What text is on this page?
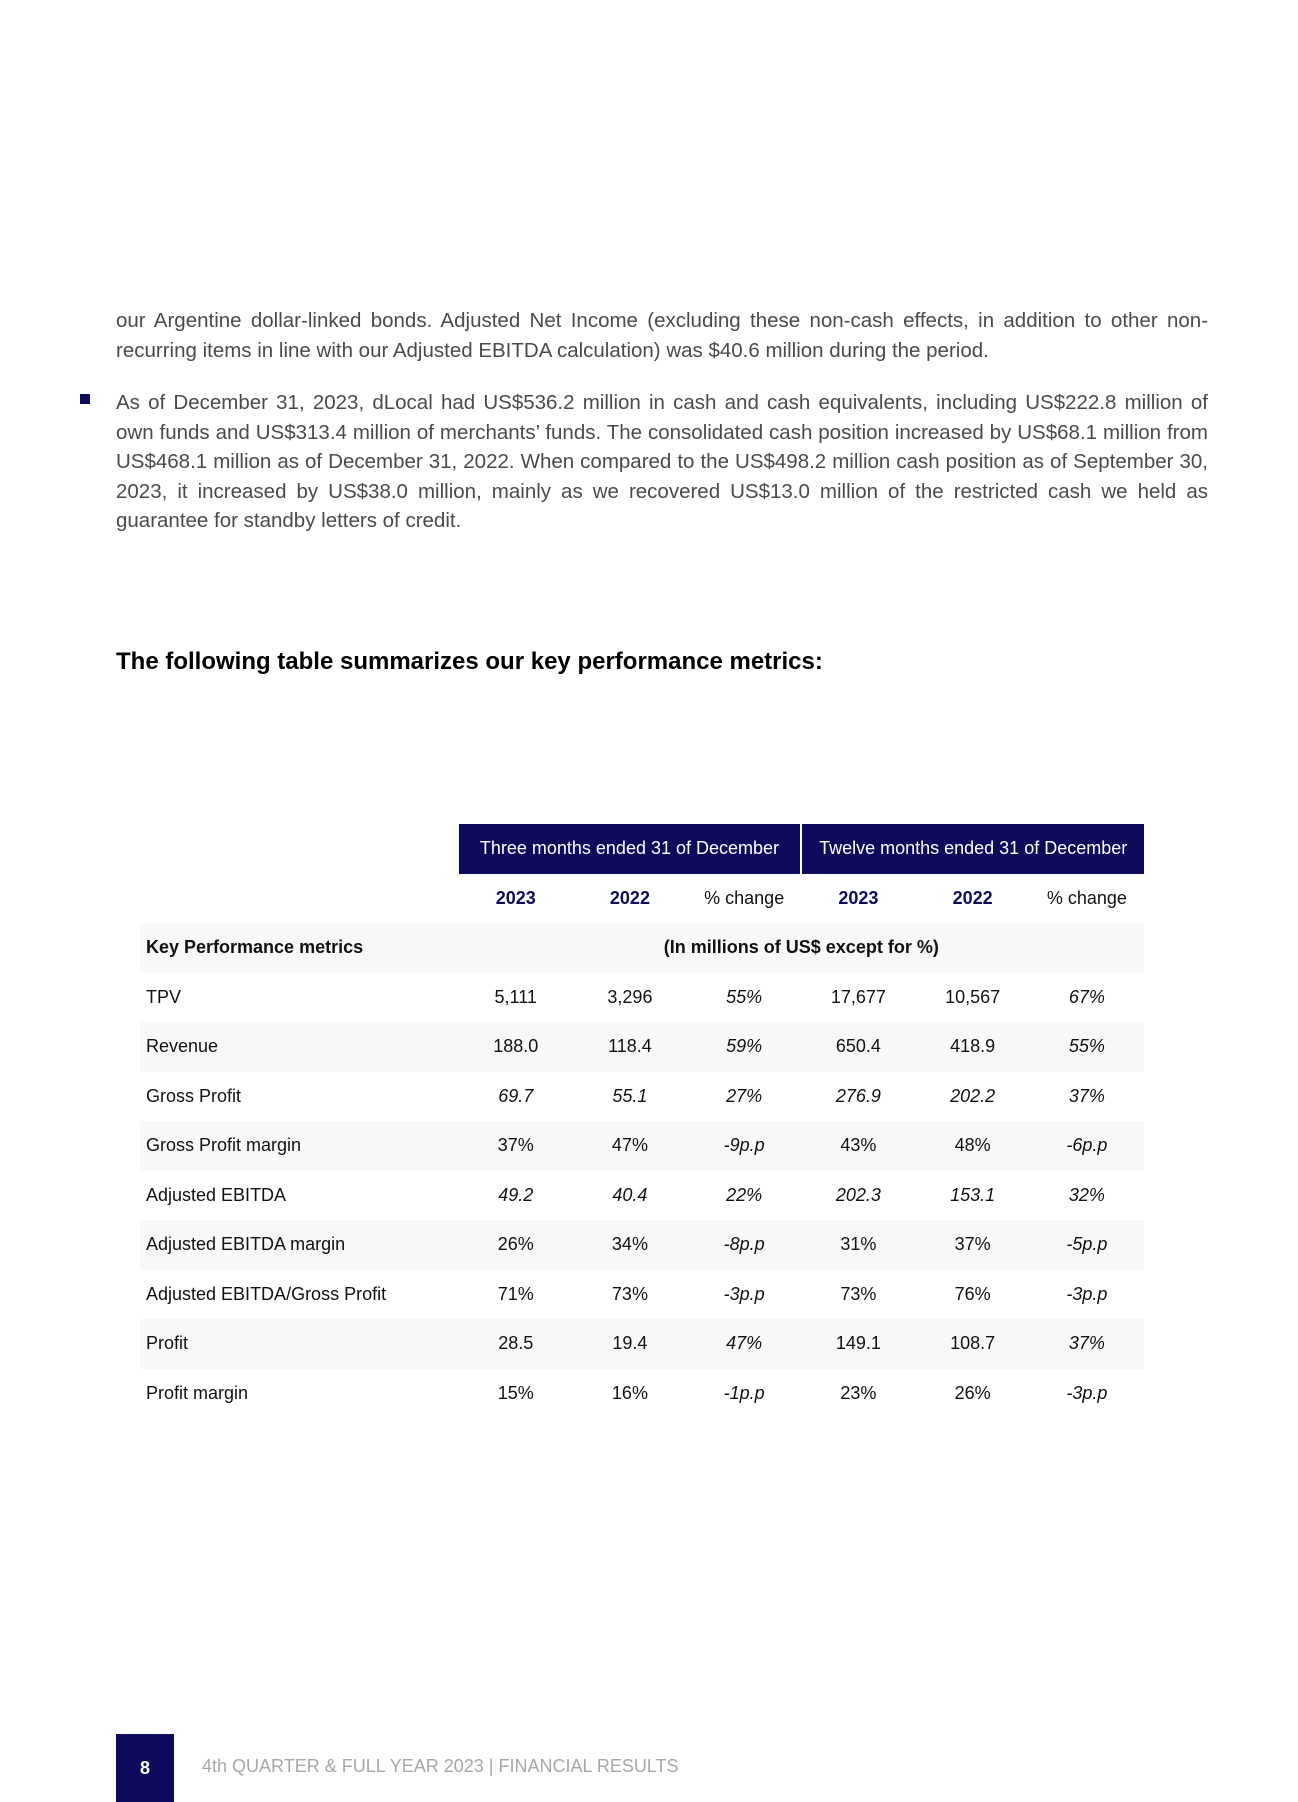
our Argentine dollar-linked bonds. Adjusted Net Income (excluding these non-cash effects, in addition to other non-recurring items in line with our Adjusted EBITDA calculation) was $40.6 million during the period.
As of December 31, 2023, dLocal had US$536.2 million in cash and cash equivalents, including US$222.8 million of own funds and US$313.4 million of merchants’ funds. The consolidated cash position increased by US$68.1 million from US$468.1 million as of December 31, 2022. When compared to the US$498.2 million cash position as of September 30, 2023, it increased by US$38.0 million, mainly as we recovered US$13.0 million of the restricted cash we held as guarantee for standby letters of credit.
The following table summarizes our key performance metrics:
	Three months ended 31 of December			Twelve months ended 31 of December		
	2023	2022	% change	2023	2022	% change
Key Performance metrics	(In millions of US$ except for %)					
TPV	5,111	3,296	55%	17,677	10,567	67%
Revenue	188.0	118.4	59%	650.4	418.9	55%
Gross Profit	69.7	55.1	27%	276.9	202.2	37%
Gross Profit margin	37%	47%	-9p.p	43%	48%	-6p.p
Adjusted EBITDA	49.2	40.4	22%	202.3	153.1	32%
Adjusted EBITDA margin	26%	34%	-8p.p	31%	37%	-5p.p
Adjusted EBITDA/Gross Profit	71%	73%	-3p.p	73%	76%	-3p.p
Profit	28.5	19.4	47%	149.1	108.7	37%
Profit margin	15%	16%	-1p.p	23%	26%	-3p.p
8	4th QUARTER & FULL YEAR 2023 | FINANCIAL RESULTS
